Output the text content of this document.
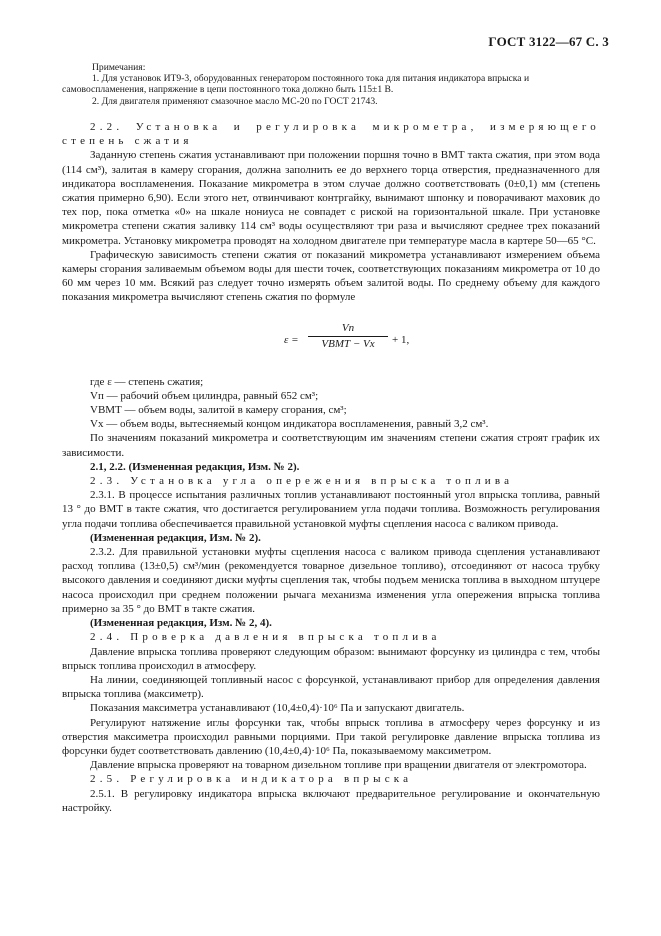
ГОСТ 3122—67 С. 3

Примечания:

1. Для установок ИТ9-3, оборудованных генератором постоянного тока для питания индикатора впрыска и самовоспламенения, напряжение в цепи постоянного тока должно быть 115±1 В.

2. Для двигателя применяют смазочное масло МС-20 по ГОСТ 21743.

2.2. Установка и регулировка микрометра, измеряющего степень сжатия

Заданную степень сжатия устанавливают при положении поршня точно в ВМТ такта сжатия, при этом вода (114 см³), залитая в камеру сгорания, должна заполнить ее до верхнего торца отверстия, предназначенного для индикатора воспламенения. Показание микрометра в этом случае должно соответствовать (0±0,1) мм (степень сжатия примерно 6,90). Если этого нет, отвинчивают контргайку, вынимают шпонку и поворачивают маховик до тех пор, пока отметка «0» на шкале нониуса не совпадет с риской на горизонтальной шкале. При установке микрометра степени сжатия заливку 114 см³ воды осуществляют три раза и вычисляют среднее трех показаний микрометра. Установку микрометра проводят на холодном двигателе при температуре масла в картере 50—65 °С.

Графическую зависимость степени сжатия от показаний микрометра устанавливают измерением объема камеры сгорания заливаемым объемом воды для шести точек, соответствующих показаниям микрометра от 10 до 60 мм через 10 мм. Всякий раз следует точно измерять объем залитой воды. По среднему объему для каждого показания микрометра вычисляют степень сжатия по формуле

ε =
Vп
VВМТ − Vх	+ 1,
где ε — степень сжатия;
Vп — рабочий объем цилиндра, равный 652 см³;
VВМТ — объем воды, залитой в камеру сгорания, см³;
Vх — объем воды, вытесняемый концом индикатора воспламенения, равный 3,2 см³.

По значениям показаний микрометра и соответствующим им значениям степени сжатия строят график их зависимости.

2.1, 2.2. (Измененная редакция, Изм. № 2).

2.3. Установка угла опережения впрыска топлива

2.3.1. В процессе испытания различных топлив устанавливают постоянный угол впрыска топлива, равный 13 ° до ВМТ в такте сжатия, что достигается регулированием угла подачи топлива. Возможность регулирования угла подачи топлива обеспечивается правильной установкой муфты сцепления насоса с валиком привода.

(Измененная редакция, Изм. № 2).

2.3.2. Для правильной установки муфты сцепления насоса с валиком привода сцепления устанавливают расход топлива (13±0,5) см³/мин (рекомендуется товарное дизельное топливо), отсоединяют от насоса трубку высокого давления и соединяют диски муфты сцепления так, чтобы подъем мениска топлива в выходном штуцере насоса происходил при среднем положении рычага механизма изменения угла опережения впрыска топлива примерно за 35 ° до ВМТ в такте сжатия.

(Измененная редакция, Изм. № 2, 4).

2.4. Проверка давления впрыска топлива

Давление впрыска топлива проверяют следующим образом: вынимают форсунку из цилиндра с тем, чтобы впрыск топлива происходил в атмосферу.

На линии, соединяющей топливный насос с форсункой, устанавливают прибор для определения давления впрыска топлива (максиметр).

Показания максиметра устанавливают (10,4±0,4)·10⁶ Па и запускают двигатель.

Регулируют натяжение иглы форсунки так, чтобы впрыск топлива в атмосферу через форсунку и из отверстия максиметра происходил равными порциями. При такой регулировке давление впрыска топлива из форсунки будет соответствовать давлению (10,4±0,4)·10⁶ Па, показываемому максиметром.

Давление впрыска проверяют на товарном дизельном топливе при вращении двигателя от электромотора.

2.5. Регулировка индикатора впрыска

2.5.1. В регулировку индикатора впрыска включают предварительное регулирование и окончательную настройку.
